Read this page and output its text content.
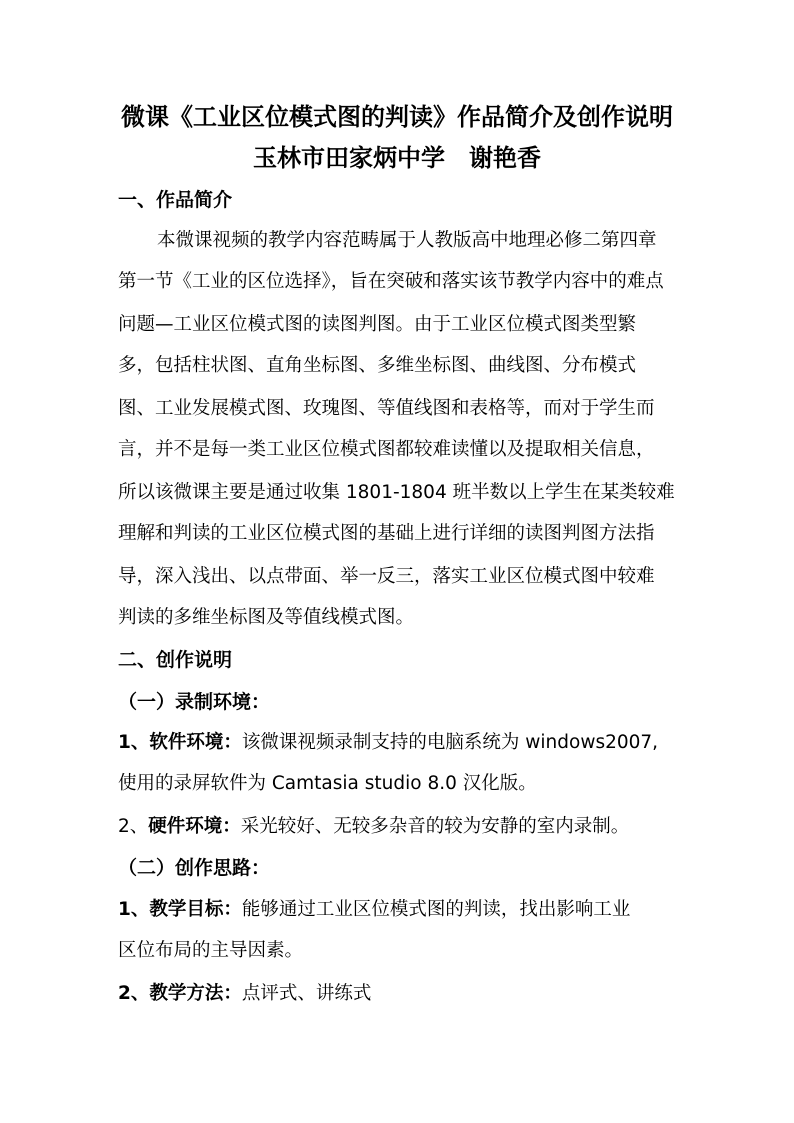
微课《工业区位模式图的判读》作品简介及创作说明
玉林市田家炳中学　谢艳香
一、作品简介
本微课视频的教学内容范畴属于人教版高中地理必修二第四章
第一节《工业的区位选择》，旨在突破和落实该节教学内容中的难点
问题—工业区位模式图的读图判图。由于工业区位模式图类型繁
多，包括柱状图、直角坐标图、多维坐标图、曲线图、分布模式
图、工业发展模式图、玫瑰图、等值线图和表格等，而对于学生而
言，并不是每一类工业区位模式图都较难读懂以及提取相关信息，
所以该微课主要是通过收集 1801-1804 班半数以上学生在某类较难
理解和判读的工业区位模式图的基础上进行详细的读图判图方法指
导，深入浅出、以点带面、举一反三，落实工业区位模式图中较难
判读的多维坐标图及等值线模式图。
二、创作说明
（一）录制环境：
1、软件环境：该微课视频录制支持的电脑系统为 windows2007,
使用的录屏软件为 Camtasia studio 8.0 汉化版。
2、硬件环境：采光较好、无较多杂音的较为安静的室内录制。
（二）创作思路：
1、教学目标：能够通过工业区位模式图的判读，找出影响工业
区位布局的主导因素。
2、教学方法：点评式、讲练式
